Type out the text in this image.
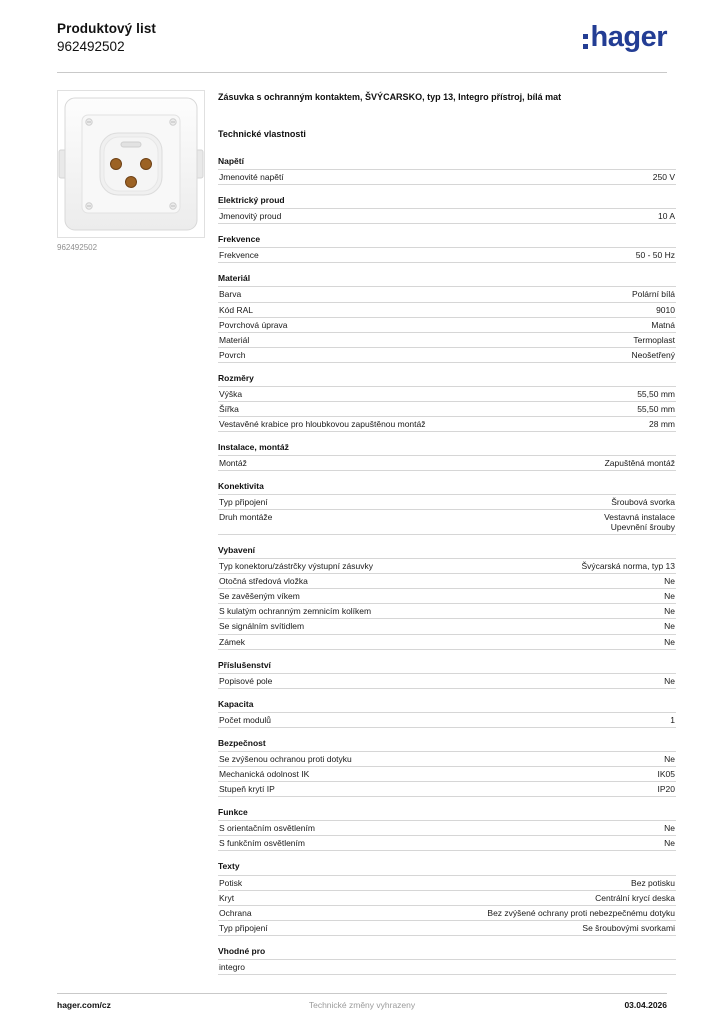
Produktový list
962492502	hager
962492502
Zásuvka s ochranným kontaktem, ŠVÝCARSKO, typ 13, Integro přístroj, bílá mat
Technické vlastnosti
Napětí
Jmenovité napětí	250 V
Elektrický proud
Jmenovitý proud	10 A
Frekvence
Frekvence	50 - 50 Hz
Materiál
Barva	Polární bílá
Kód RAL	9010
Povrchová úprava	Matná
Materiál	Termoplast
Povrch	Neošetřený
Rozměry
Výška	55,50 mm
Šířka	55,50 mm
Vestavěné krabice pro hloubkovou zapuštěnou montáž	28 mm
Instalace, montáž
Montáž	Zapuštěná montáž
Konektivita
Typ připojení	Šroubová svorka
Druh montáže	Vestavná instalace
Upevnění šrouby
Vybavení
Typ konektoru/zástrčky výstupní zásuvky	Švýcarská norma, typ 13
Otočná středová vložka	Ne
Se zavěšeným víkem	Ne
S kulatým ochranným zemnicím kolíkem	Ne
Se signálním svítidlem	Ne
Zámek	Ne
Příslušenství
Popisové pole	Ne
Kapacita
Počet modulů	1
Bezpečnost
Se zvýšenou ochranou proti dotyku	Ne
Mechanická odolnost IK	IK05
Stupeň krytí IP	IP20
Funkce
S orientačním osvětlením	Ne
S funkčním osvětlením	Ne
Texty
Potisk	Bez potisku
Kryt	Centrální krycí deska
Ochrana	Bez zvýšené ochrany proti nebezpečnému dotyku
Typ připojení	Se šroubovými svorkami
Vhodné pro
integro
hager.com/cz	Technické změny vyhrazeny	03.04.2026
